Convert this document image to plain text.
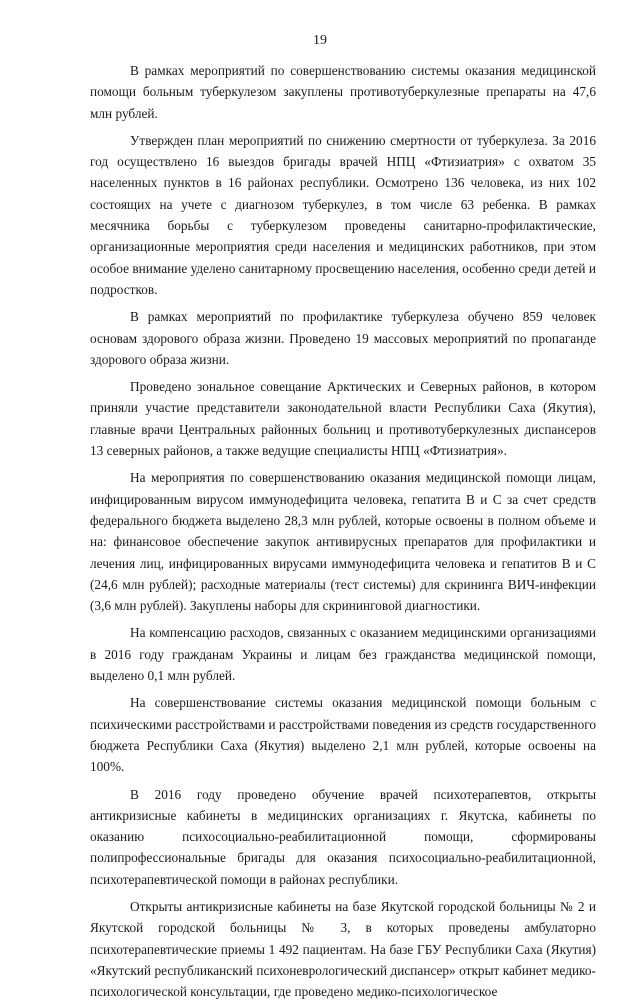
19

В рамках мероприятий по совершенствованию системы оказания медицинской помощи больным туберкулезом закуплены противотуберкулезные препараты на 47,6 млн рублей.

Утвержден план мероприятий по снижению смертности от туберкулеза. За 2016 год осуществлено 16 выездов бригады врачей НПЦ «Фтизиатрия» с охватом 35 населенных пунктов в 16 районах республики. Осмотрено 136 человека, из них 102 состоящих на учете с диагнозом туберкулез, в том числе 63 ребенка. В рамках месячника борьбы с туберкулезом проведены санитарно-профилактические, организационные мероприятия среди населения и медицинских работников, при этом особое внимание уделено санитарному просвещению населения, особенно среди детей и подростков.

В рамках мероприятий по профилактике туберкулеза обучено 859 человек основам здорового образа жизни. Проведено 19 массовых мероприятий по пропаганде здорового образа жизни.

Проведено зональное совещание Арктических и Северных районов, в котором приняли участие представители законодательной власти Республики Саха (Якутия), главные врачи Центральных районных больниц и противотуберкулезных диспансеров 13 северных районов, а также ведущие специалисты НПЦ «Фтизиатрия».

На мероприятия по совершенствованию оказания медицинской помощи лицам, инфицированным вирусом иммунодефицита человека, гепатита В и С за счет средств федерального бюджета выделено 28,3 млн рублей, которые освоены в полном объеме и на: финансовое обеспечение закупок антивирусных препаратов для профилактики и лечения лиц, инфицированных вирусами иммунодефицита человека и гепатитов В и С (24,6 млн рублей); расходные материалы (тест системы) для скрининга ВИЧ-инфекции (3,6 млн рублей). Закуплены наборы для скрининговой диагностики.

На компенсацию расходов, связанных с оказанием медицинскими организациями в 2016 году гражданам Украины и лицам без гражданства медицинской помощи, выделено 0,1 млн рублей.

На совершенствование системы оказания медицинской помощи больным с психическими расстройствами и расстройствами поведения из средств государственного бюджета Республики Саха (Якутия) выделено 2,1 млн рублей, которые освоены на 100%.

В 2016 году проведено обучение врачей психотерапевтов, открыты антикризисные кабинеты в медицинских организациях г. Якутска, кабинеты по оказанию психосоциально-реабилитационной помощи, сформированы полипрофессиональные бригады для оказания психосоциально-реабилитационной, психотерапевтической помощи в районах республики.

Открыты антикризисные кабинеты на базе Якутской городской больницы № 2 и Якутской городской больницы № 3, в которых проведены амбулаторно психотерапевтические приемы 1 492 пациентам. На базе ГБУ Республики Саха (Якутия) «Якутский республиканский психоневрологический диспансер» открыт кабинет медико-психологической консультации, где проведено медико-психологическое
